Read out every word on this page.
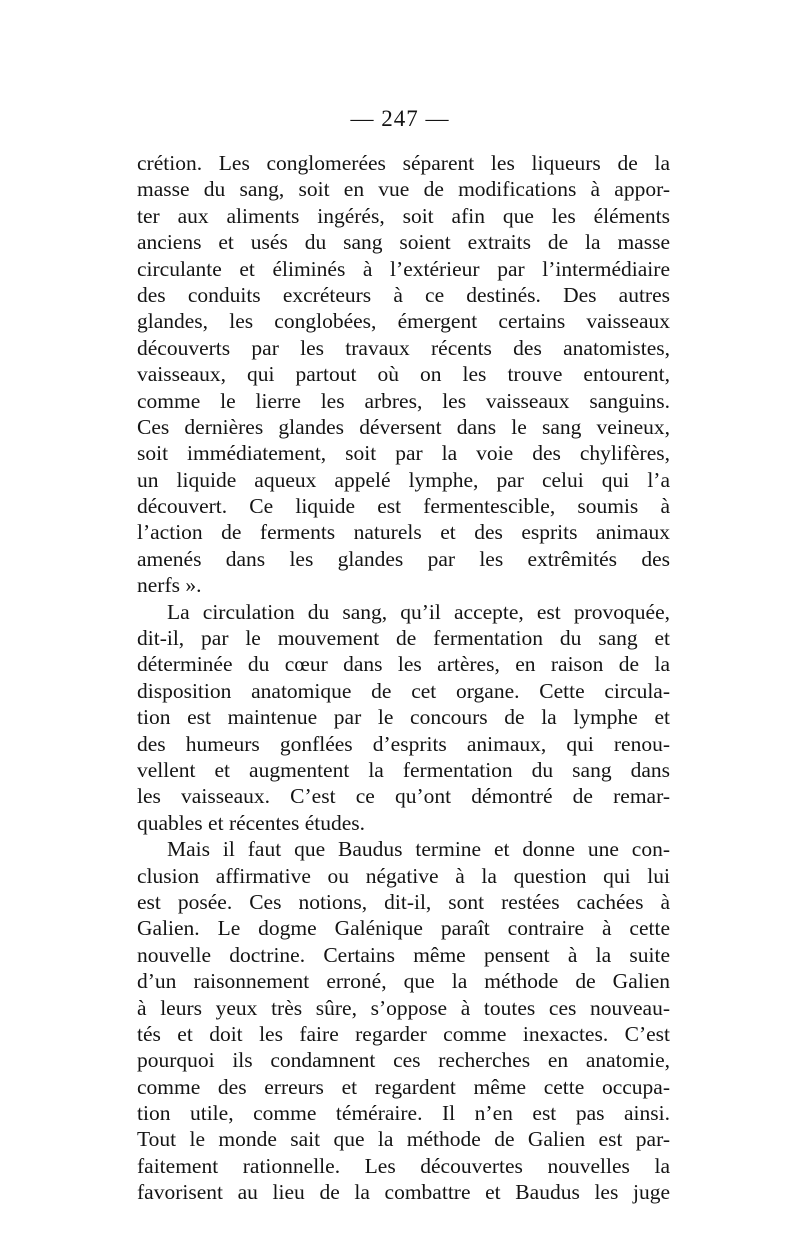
— 247 —
crétion. Les conglomerées séparent les liqueurs de la
masse du sang, soit en vue de modifications à appor-
ter aux aliments ingérés, soit afin que les éléments
anciens et usés du sang soient extraits de la masse
circulante et éliminés à l’extérieur par l’intermédiaire
des conduits excréteurs à ce destinés. Des autres
glandes, les conglobées, émergent certains vaisseaux
découverts par les travaux récents des anatomistes,
vaisseaux, qui partout où on les trouve entourent,
comme le lierre les arbres, les vaisseaux sanguins.
Ces dernières glandes déversent dans le sang veineux,
soit immédiatement, soit par la voie des chylifères,
un liquide aqueux appelé lymphe, par celui qui l’a
découvert. Ce liquide est fermentescible, soumis à
l’action de ferments naturels et des esprits animaux
amenés dans les glandes par les extrêmités des
nerfs ».
La circulation du sang, qu’il accepte, est provoquée,
dit-il, par le mouvement de fermentation du sang et
déterminée du cœur dans les artères, en raison de la
disposition anatomique de cet organe. Cette circula-
tion est maintenue par le concours de la lymphe et
des humeurs gonflées d’esprits animaux, qui renou-
vellent et augmentent la fermentation du sang dans
les vaisseaux. C’est ce qu’ont démontré de remar-
quables et récentes études.
Mais il faut que Baudus termine et donne une con-
clusion affirmative ou négative à la question qui lui
est posée. Ces notions, dit-il, sont restées cachées à
Galien. Le dogme Galénique paraît contraire à cette
nouvelle doctrine. Certains même pensent à la suite
d’un raisonnement erroné, que la méthode de Galien
à leurs yeux très sûre, s’oppose à toutes ces nouveau-
tés et doit les faire regarder comme inexactes. C’est
pourquoi ils condamnent ces recherches en anatomie,
comme des erreurs et regardent même cette occupa-
tion utile, comme téméraire. Il n’en est pas ainsi.
Tout le monde sait que la méthode de Galien est par-
faitement rationnelle. Les découvertes nouvelles la
favorisent au lieu de la combattre et Baudus les juge
